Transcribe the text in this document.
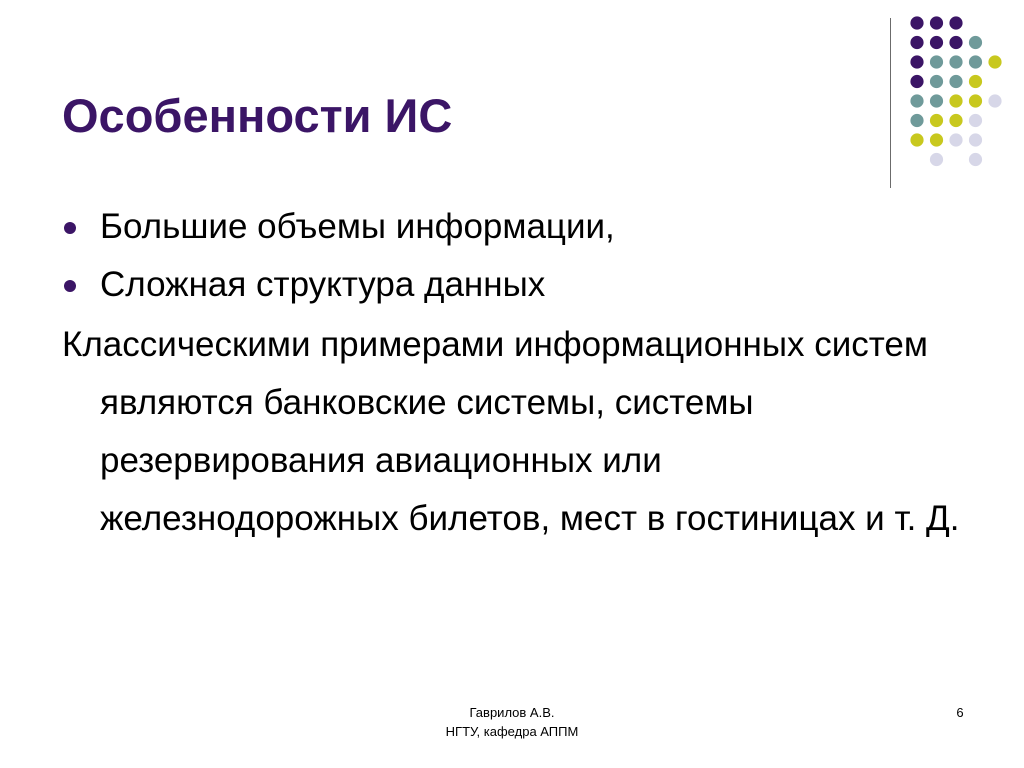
Особенности ИС
Большие объемы информации,
Сложная структура данных
Классическими примерами информационных систем являются банковские системы, системы резервирования авиационных или железнодорожных билетов, мест в гостиницах и т. Д.
Гаврилов А.В.
НГТУ, кафедра АППМ
6
